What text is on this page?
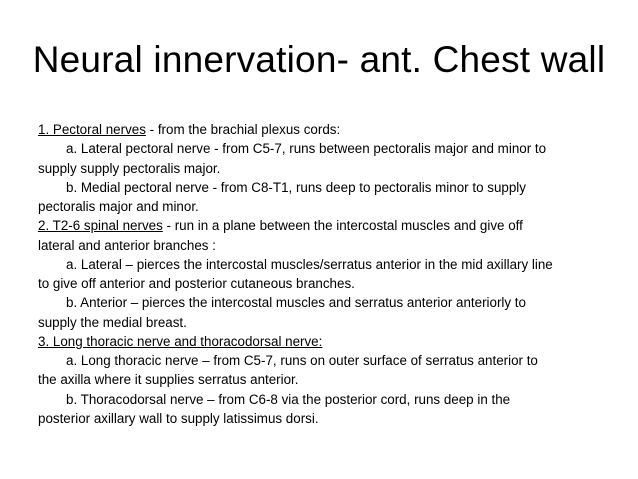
Neural innervation- ant. Chest wall
1. Pectoral nerves - from the brachial plexus cords:
a. Lateral pectoral nerve - from C5-7, runs between pectoralis major and minor to
supply supply pectoralis major.
b. Medial pectoral nerve - from C8-T1, runs deep to pectoralis minor to supply
pectoralis major and minor.
2. T2-6 spinal nerves - run in a plane between the intercostal muscles and give off
lateral and anterior branches :
a. Lateral – pierces the intercostal muscles/serratus anterior in the mid axillary line
to give off anterior and posterior cutaneous branches.
b. Anterior – pierces the intercostal muscles and serratus anterior anteriorly to
supply the medial breast.
3. Long thoracic nerve and thoracodorsal nerve:
a. Long thoracic nerve – from C5-7, runs on outer surface of serratus anterior to
the axilla where it supplies serratus anterior.
b. Thoracodorsal nerve – from C6-8 via the posterior cord, runs deep in the
posterior axillary wall to supply latissimus dorsi.
